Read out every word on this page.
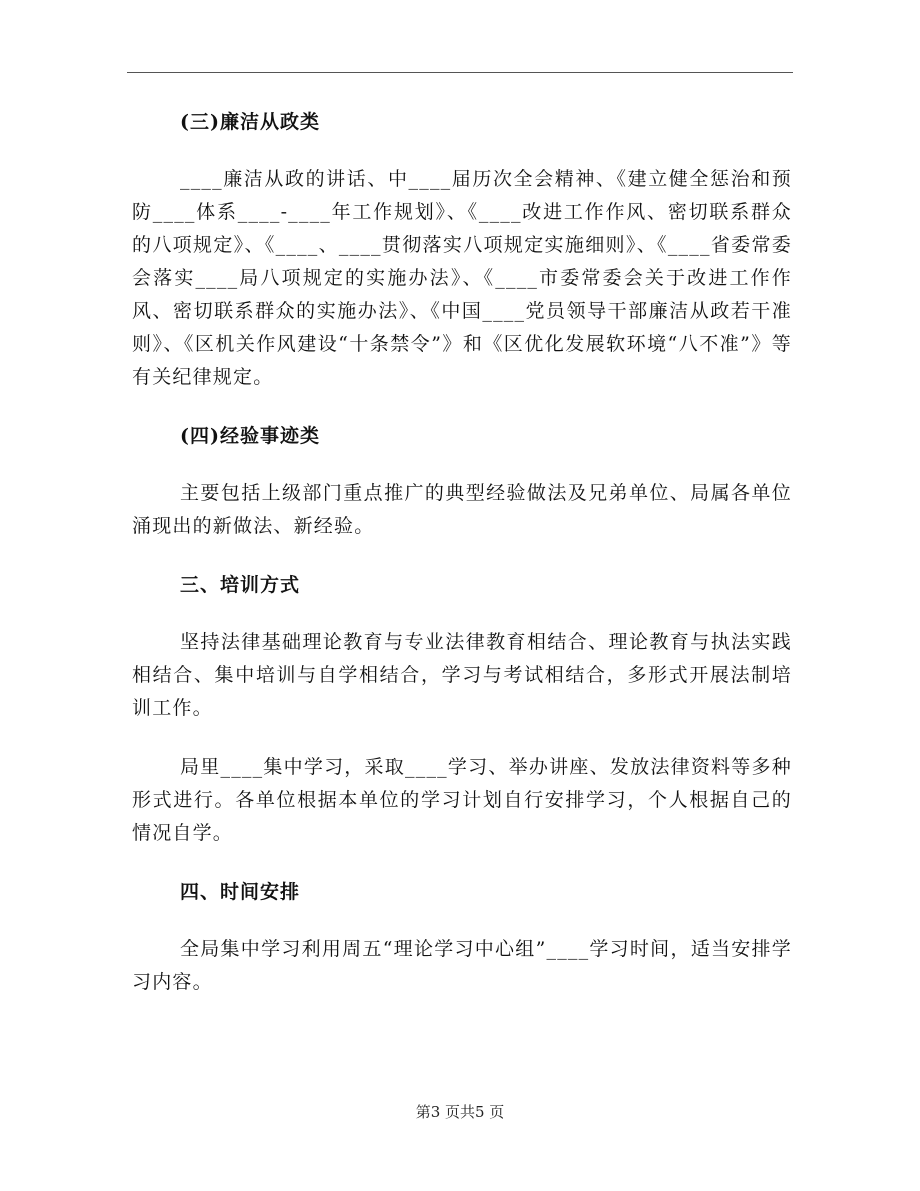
(三)廉洁从政类

____廉洁从政的讲话、中____届历次全会精神、《建立健全惩治和预防____体系____-____年工作规划》、《____改进工作作风、密切联系群众的八项规定》、《____、____贯彻落实八项规定实施细则》、《____省委常委会落实____局八项规定的实施办法》、《____市委常委会关于改进工作作风、密切联系群众的实施办法》、《中国____党员领导干部廉洁从政若干准则》、《区机关作风建设“十条禁令”》和《区优化发展软环境“八不准”》等有关纪律规定。

(四)经验事迹类

主要包括上级部门重点推广的典型经验做法及兄弟单位、局属各单位涌现出的新做法、新经验。

三、培训方式

坚持法律基础理论教育与专业法律教育相结合、理论教育与执法实践相结合、集中培训与自学相结合，学习与考试相结合，多形式开展法制培训工作。

局里____集中学习，采取____学习、举办讲座、发放法律资料等多种形式进行。各单位根据本单位的学习计划自行安排学习，个人根据自己的情况自学。

四、时间安排

全局集中学习利用周五“理论学习中心组”____学习时间，适当安排学习内容。

第3 页共5 页
